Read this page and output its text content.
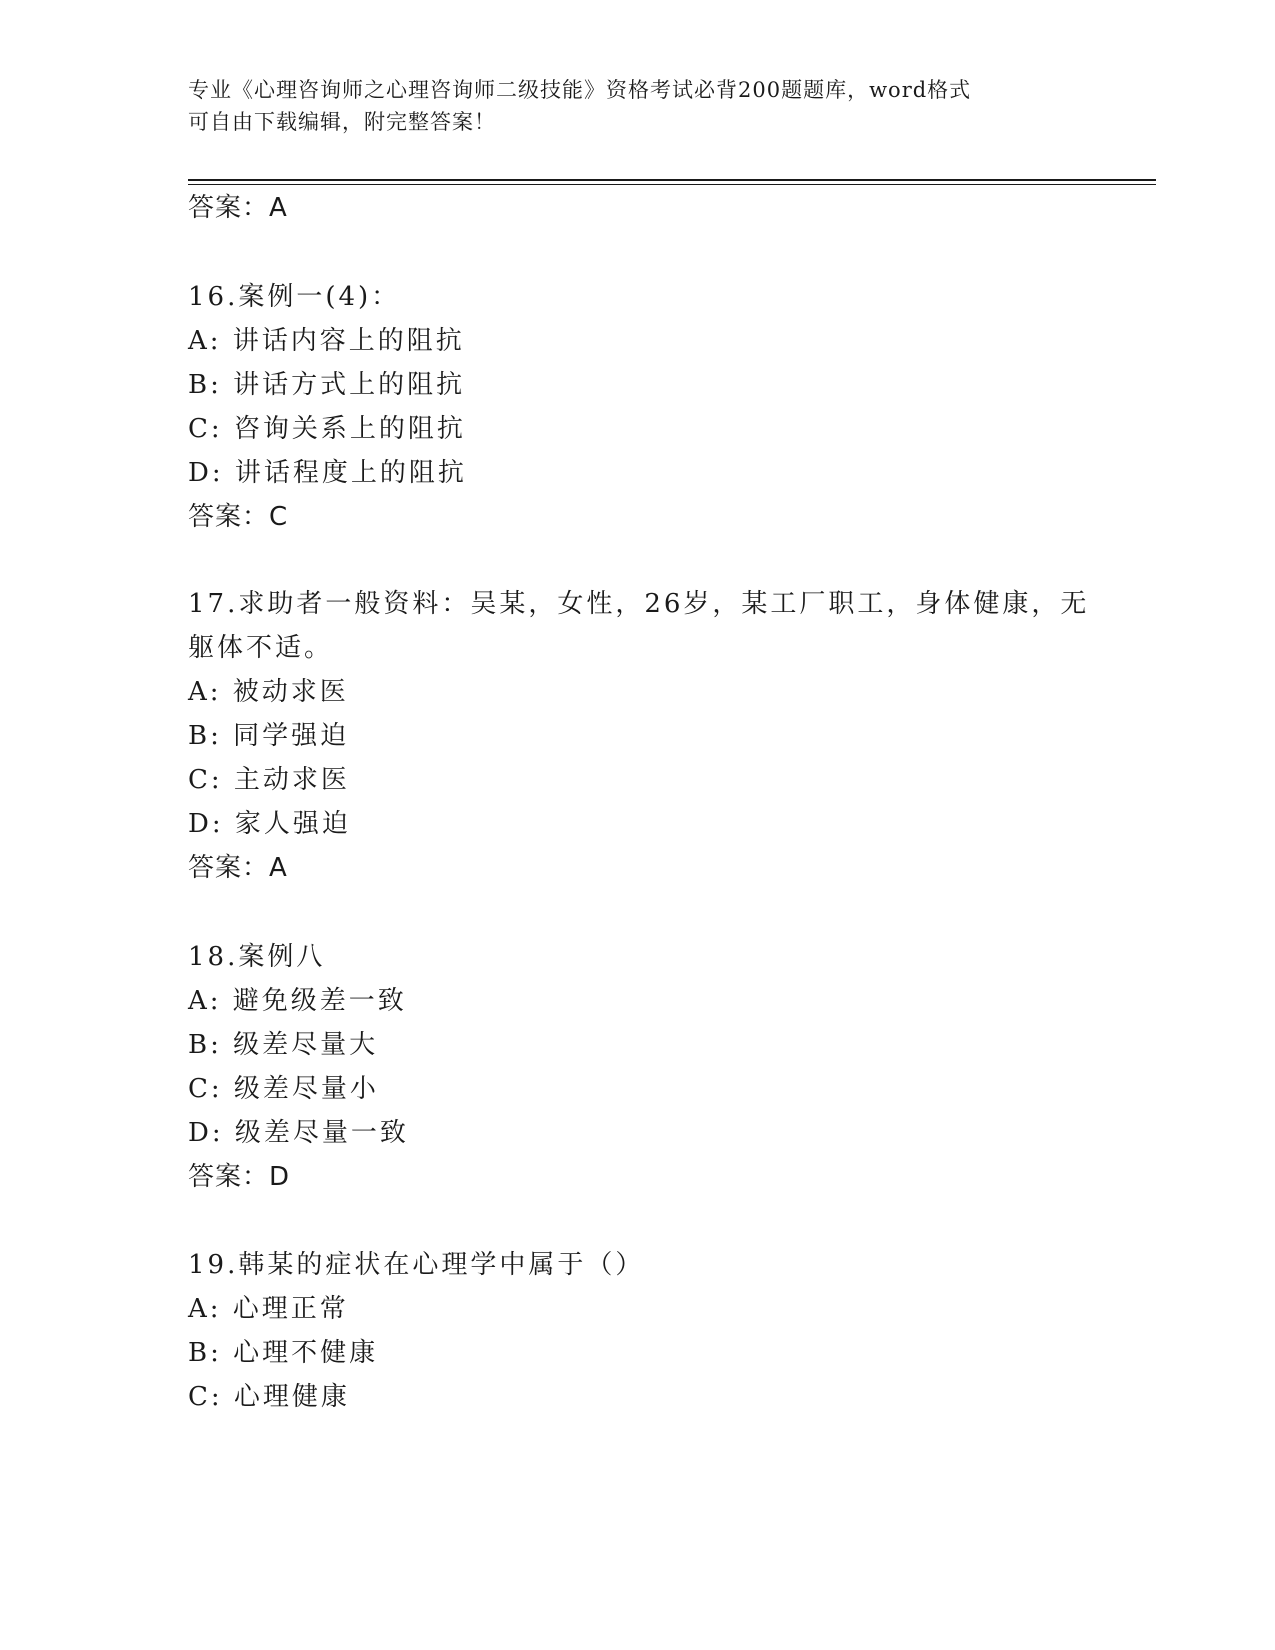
专业《心理咨询师之心理咨询师二级技能》资格考试必背200题题库，word格式
可自由下载编辑，附完整答案！
答案：A
16.案例一(4)：
A: 讲话内容上的阻抗
B: 讲话方式上的阻抗
C: 咨询关系上的阻抗
D: 讲话程度上的阻抗
答案：C
17.求助者一般资料：吴某，女性，26岁，某工厂职工，身体健康，无
躯体不适。
A: 被动求医
B: 同学强迫
C: 主动求医
D: 家人强迫
答案：A
18.案例八
A: 避免级差一致
B: 级差尽量大
C: 级差尽量小
D: 级差尽量一致
答案：D
19.韩某的症状在心理学中属于（）
A: 心理正常
B: 心理不健康
C: 心理健康
